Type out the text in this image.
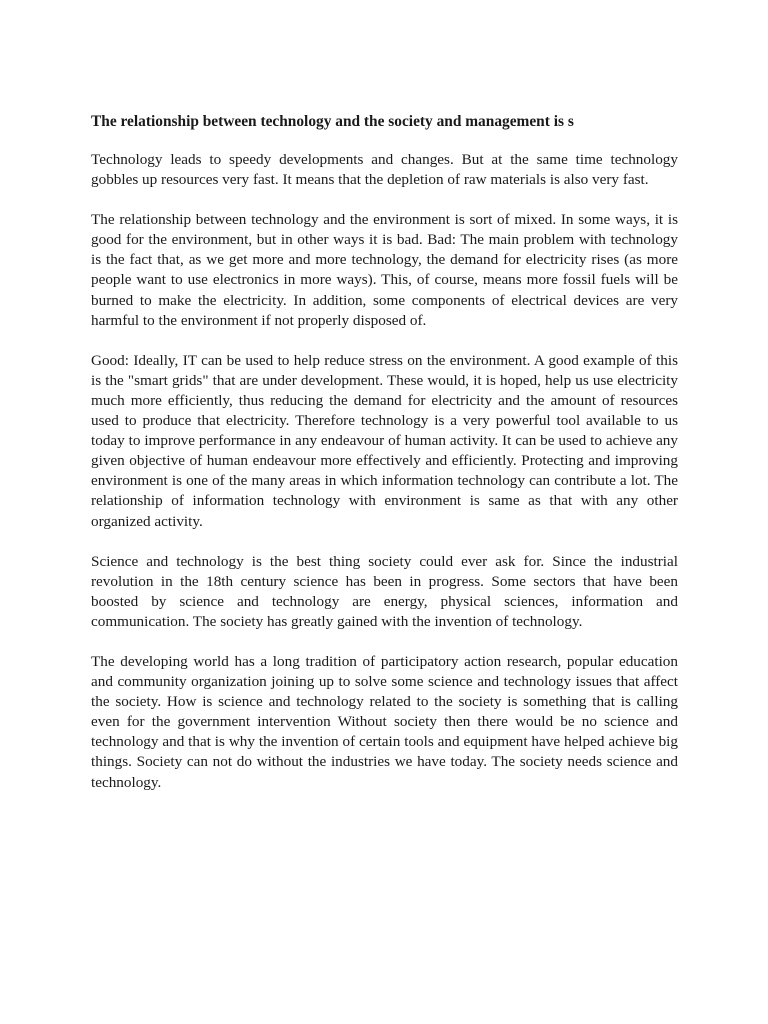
The relationship between technology and the society and management is s

Technology leads to speedy developments and changes. But at the same time technology gobbles up resources very fast. It means that the depletion of raw materials is also very fast.

The relationship between technology and the environment is sort of mixed. In some ways, it is good for the environment, but in other ways it is bad. Bad: The main problem with technology is the fact that, as we get more and more technology, the demand for electricity rises (as more people want to use electronics in more ways). This, of course, means more fossil fuels will be burned to make the electricity. In addition, some components of electrical devices are very harmful to the environment if not properly disposed of.

Good: Ideally, IT can be used to help reduce stress on the environment. A good example of this is the "smart grids" that are under development. These would, it is hoped, help us use electricity much more efficiently, thus reducing the demand for electricity and the amount of resources used to produce that electricity. Therefore technology is a very powerful tool available to us today to improve performance in any endeavour of human activity. It can be used to achieve any given objective of human endeavour more effectively and efficiently. Protecting and improving environment is one of the many areas in which information technology can contribute a lot. The relationship of information technology with environment is same as that with any other organized activity.

Science and technology is the best thing society could ever ask for. Since the industrial revolution in the 18th century science has been in progress. Some sectors that have been boosted by science and technology are energy, physical sciences, information and communication. The society has greatly gained with the invention of technology.

The developing world has a long tradition of participatory action research, popular education and community organization joining up to solve some science and technology issues that affect the society. How is science and technology related to the society is something that is calling even for the government intervention Without society then there would be no science and technology and that is why the invention of certain tools and equipment have helped achieve big things. Society can not do without the industries we have today. The society needs science and technology.
